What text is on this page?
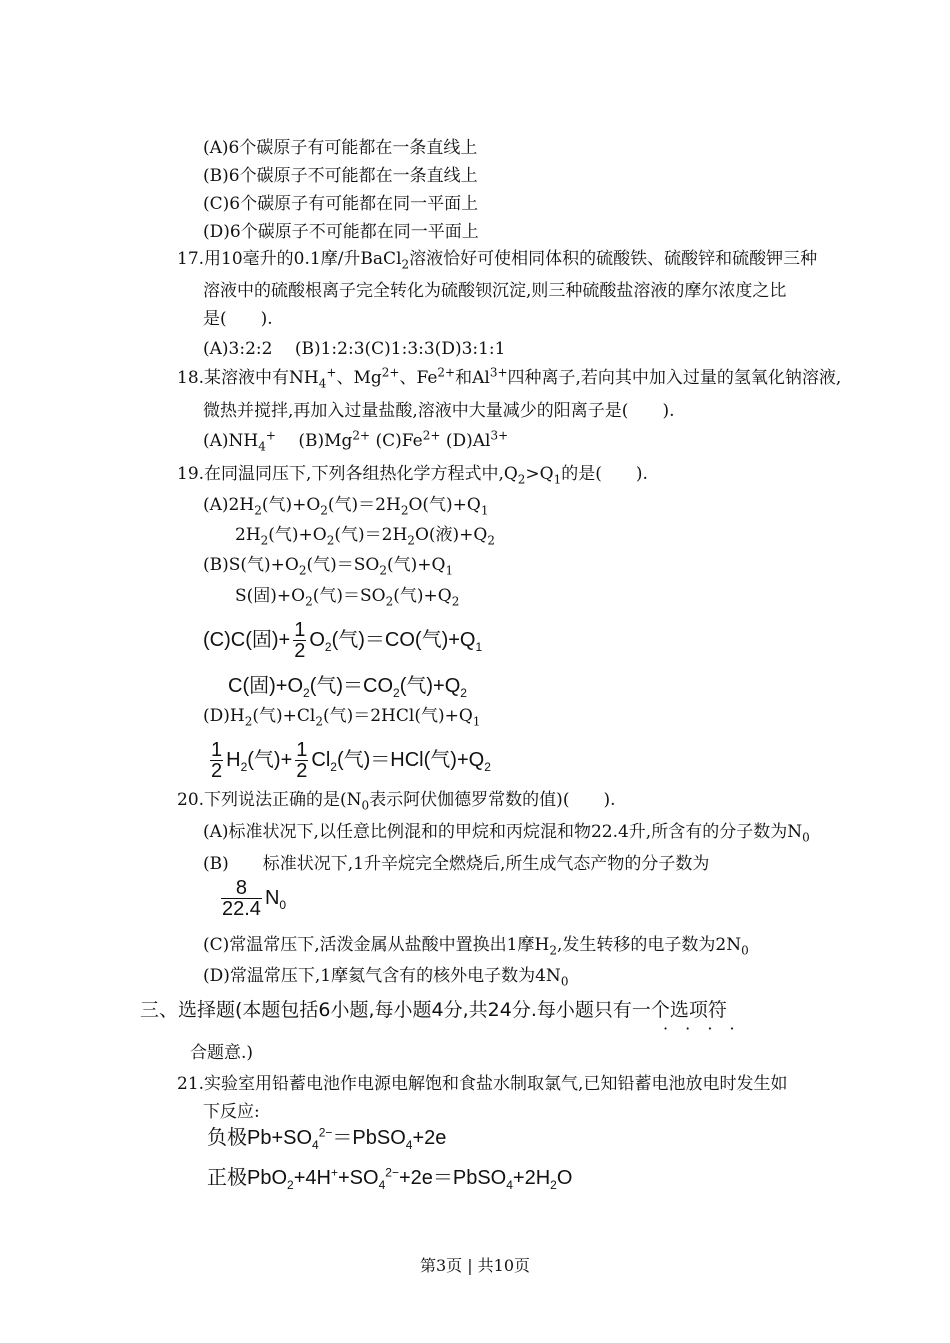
(A)6个碳原子有可能都在一条直线上
(B)6个碳原子不可能都在一条直线上
(C)6个碳原子有可能都在同一平面上
(D)6个碳原子不可能都在同一平面上
17.用10毫升的0.1摩/升BaCl$_2$溶液恰好可使相同体积的硫酸铁、硫酸锌和硫酸钾三种
溶液中的硫酸根离子完全转化为硫酸钡沉淀,则三种硫酸盐溶液的摩尔浓度之比
是(　　).
(A)3:2:2　 (B)1:2:3(C)1:3:3(D)3:1:1
18.某溶液中有$NH_4^+$、$Mg^{2+}$、$Fe^{2+}$和$Al^{3+}$四种离子,若向其中加入过量的氢氧化钠溶液,
微热并搅拌,再加入过量盐酸,溶液中大量减少的阳离子是(　　).
$(A)NH_4^+$　 $(B)Mg^{2+}$ $(C)Fe^{2+}$ $(D)Al^{3+}$
19.在同温同压下,下列各组热化学方程式中$,Q_2>Q_1$的是(　　).
$(A)2H_2$(气)$+O_2$(气)$=2H_2O$(气)$+Q_1$
$2H_2$(气)$+O_2$(气)$=2H_2O$(液)$+Q_2$
(B)S(气)$+O_2$(气)$=SO_2$(气)$+Q_1$
S(固)$+O_2$(气)$=SO_2$(气)$+Q_2$
(C)C(固)+ $\frac{1}{2} O_2$(气)＝CO(气)$+Q_1$
C(固)$+O_2$(气)$=CO_2$(气)$+Q_2$
$(D)H_2$(气)$+Cl_2$(气)＝2HCl(气)$+Q_1$
$\frac{1}{2} H_2$(气)+ $\frac{1}{2} Cl_2$(气)＝HCl(气)$+Q_2$
20.下列说法正确的是($N_0$表示阿伏伽德罗常数的值)(　　).
(A)标准状况下,以任意比例混和的甲烷和丙烷混和物22.4升,所含有的分子数为$N_0$
(B)　　标准状况下,1升辛烷完全燃烧后,所生成气态产物的分子数为
$\frac{8}{22.4} N_0$
(C)常温常压下,活泼金属从盐酸中置换出1摩$H_2$,发生转移的电子数为$2N_0$
(D)常温常压下,1摩氦气含有的核外电子数为$4N_0$
三、选择题(本题包括6小题,每小题4分,共24分.每小题只有一个选项符
· · · ·
合题意.)
21.实验室用铅蓄电池作电源电解饱和食盐水制取氯气,已知铅蓄电池放电时发生如
下反应:
负极$Pb+SO_4^{2-}=PbSO_4+2e$
正极$PbO_2+4H^++SO_4^{2-}+2e=PbSO_4+2H_2O$
第3页 | 共10页
